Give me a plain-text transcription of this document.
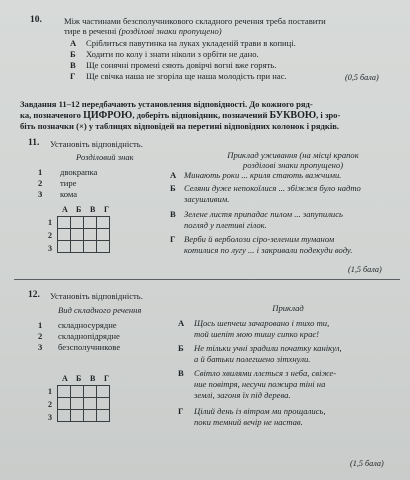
10.	Між частинами безсполучникового складного речення треба поставити
тире в реченні (розділові знаки пропущено)
А Сріблиться павутинка на луках укладеній трави в копиці.
Б Ходити по колу і знати ніколи з орбіти не дано.
В Ще сонячні промені сяють довірчі вогні вже горять.
Г Ще свічка наша не згоріла ще наша молодість при нас.	(0,5 бала)
Завдання 11–12 передбачають установлення відповідності. До кожного ряд-
ка, позначеного ЦИФРОЮ, доберіть відповідник, позначений БУКВОЮ, і зро-
біть позначки (×) у таблицях відповідей на перетині відповідних колонок і рядків.
11. Установіть відповідність.
Розділовий знак	Приклад уживання (на місці крапок
розділові знаки пропущено)
1 двокрапка
2 тире
3 кома
А Минають роки ... криля стають важчими.
Б Селяни дуже непокоїлися ... збіжжя було надто
засушливим.
В Зелене листя припадає пилом ... запупились
погляд у плетиві гілок.
Г Верби й верболози сіро-зеленим туманом
котилися по лугу ... і закривали подекуди воду.
А Б В Г
1
2
3

(1,5 бала)
12. Установіть відповідність.
Вид складного речення	Приклад
1 складносурядне
2 складнопідрядне
3 безсполучникове
А Щось шепчеш зачаровано і тихо ти,
той шепіт мою тишу сипко крає!
Б Не тільки учні зрадили початку канікул,
а й батьки полегшено зітхнули.
В Світло хвилями ллється з неба, свіже-
ние повітря, несучи пожира тіні на
землі, загоня їх під дерева.
Г Цілий день із вітром ми прощались,
поки темний вечір не настав.
А Б В Г
1
2
3

(1,5 бала)
